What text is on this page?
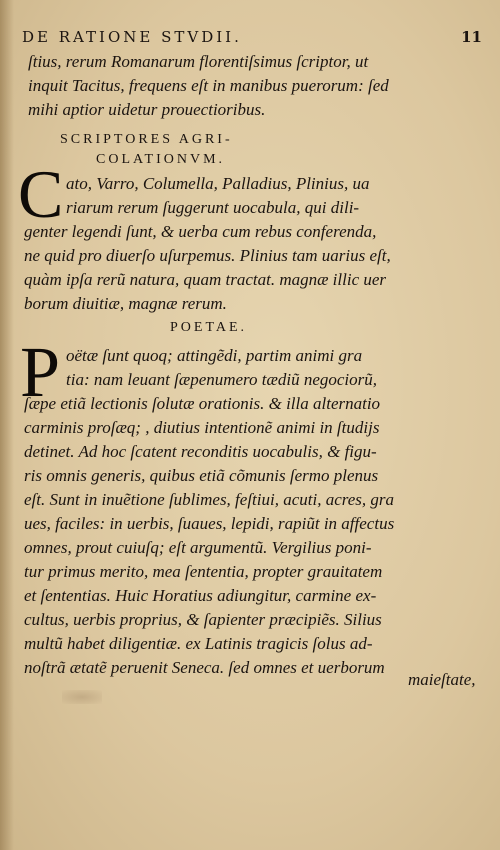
DE RATIONE STVDII.	11
ſtius, rerum Romanarum florentiſsimus ſcriptor, ut
inquit Tacitus, frequens eſt in manibus puerorum: ſed
mihi aptior uidetur prouectioribus.
SCRIPTORES AGRI-
COLATIONVM.
C ato, Varro, Columella, Palladius, Plinius, ua
riarum rerum ſuggerunt uocabula, qui dili-
genter legendi ſunt, & uerba cum rebus conferenda,
ne quid pro diuerſo uſurpemus. Plinius tam uarius eſt,
quàm ipſa rerũ natura, quam tractat. magnæ illic uer
borum diuitiæ, magnæ rerum.
POETAE.
P oëtæ ſunt quoq; attingẽdi, partim animi gra
tia: nam leuant ſæpenumero tædiũ negociorũ,
ſæpe etiã lectionis ſolutæ orationis. & illa alternatio
carminis proſæq; , diutius intentionẽ animi in ſtudijs
detinet. Ad hoc ſcatent reconditis uocabulis, & figu-
ris omnis generis, quibus etiã cõmunis ſermo plenus
eſt. Sunt in inuẽtione ſublimes, feſtiui, acuti, acres, gra
ues, faciles: in uerbis, ſuaues, lepidi, rapiũt in affectus
omnes, prout cuiuſq; eſt argumentũ. Vergilius poni-
tur primus merito, mea ſententia, propter grauitatem
et ſententias. Huic Horatius adiungitur, carmine ex-
cultus, uerbis proprius, & ſapienter præcipiẽs. Silius
multũ habet diligentiæ. ex Latinis tragicis ſolus ad-
noſtrã ætatẽ peruenit Seneca. ſed omnes et uerborum
maieſtate,
